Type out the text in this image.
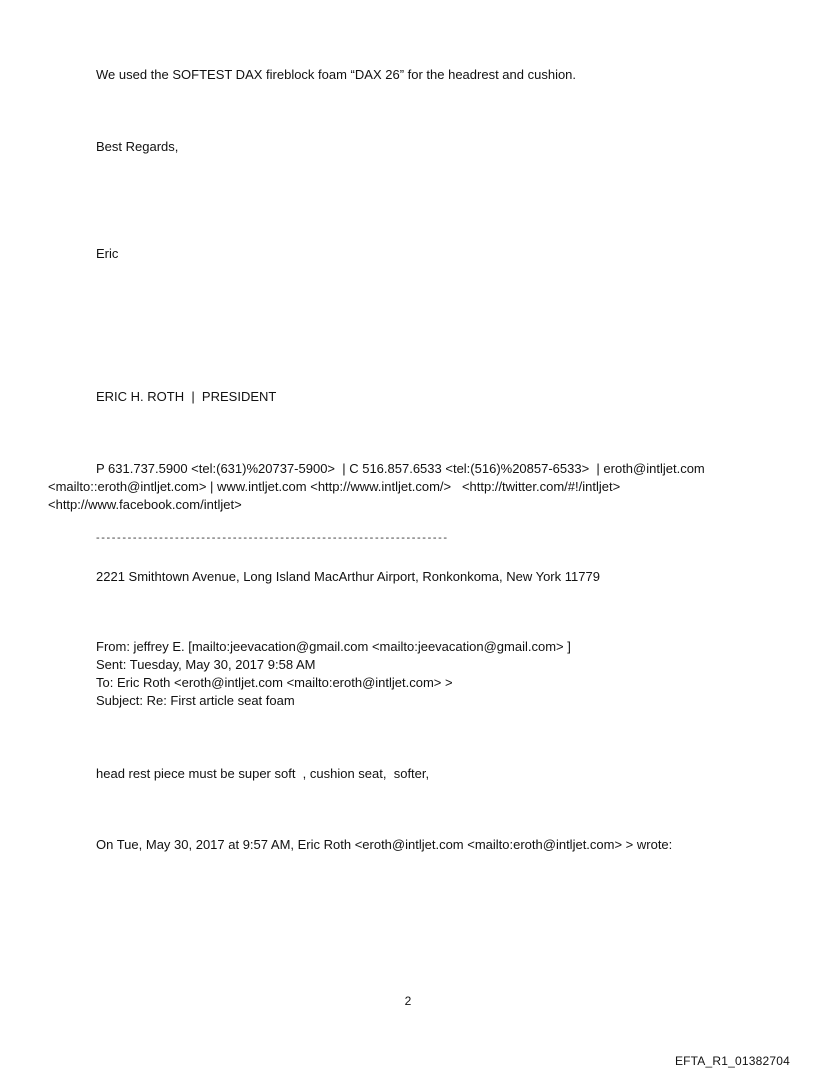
We used the SOFTEST DAX fireblock foam “DAX 26” for the headrest and cushion.

Best Regards,

Eric

ERIC H. ROTH  |  PRESIDENT

P 631.737.5900 <tel:(631)%20737-5900>  | C 516.857.6533 <tel:(516)%20857-6533>  | eroth@intljet.com
<mailto::eroth@intljet.com> | www.intljet.com <http://www.intljet.com/>   <http://twitter.com/#!/intljet>
<http://www.facebook.com/intljet>
-------------------------------------------------------------------

2221 Smithtown Avenue, Long Island MacArthur Airport, Ronkonkoma, New York 11779

From: jeffrey E. [mailto:jeevacation@gmail.com <mailto:jeevacation@gmail.com> ]

Sent: Tuesday, May 30, 2017 9:58 AM

To: Eric Roth <eroth@intljet.com <mailto:eroth@intljet.com> >

Subject: Re: First article seat foam

head rest piece must be super soft  , cushion seat,  softer,

On Tue, May 30, 2017 at 9:57 AM, Eric Roth <eroth@intljet.com <mailto:eroth@intljet.com> > wrote:

2
EFTA_R1_01382704
